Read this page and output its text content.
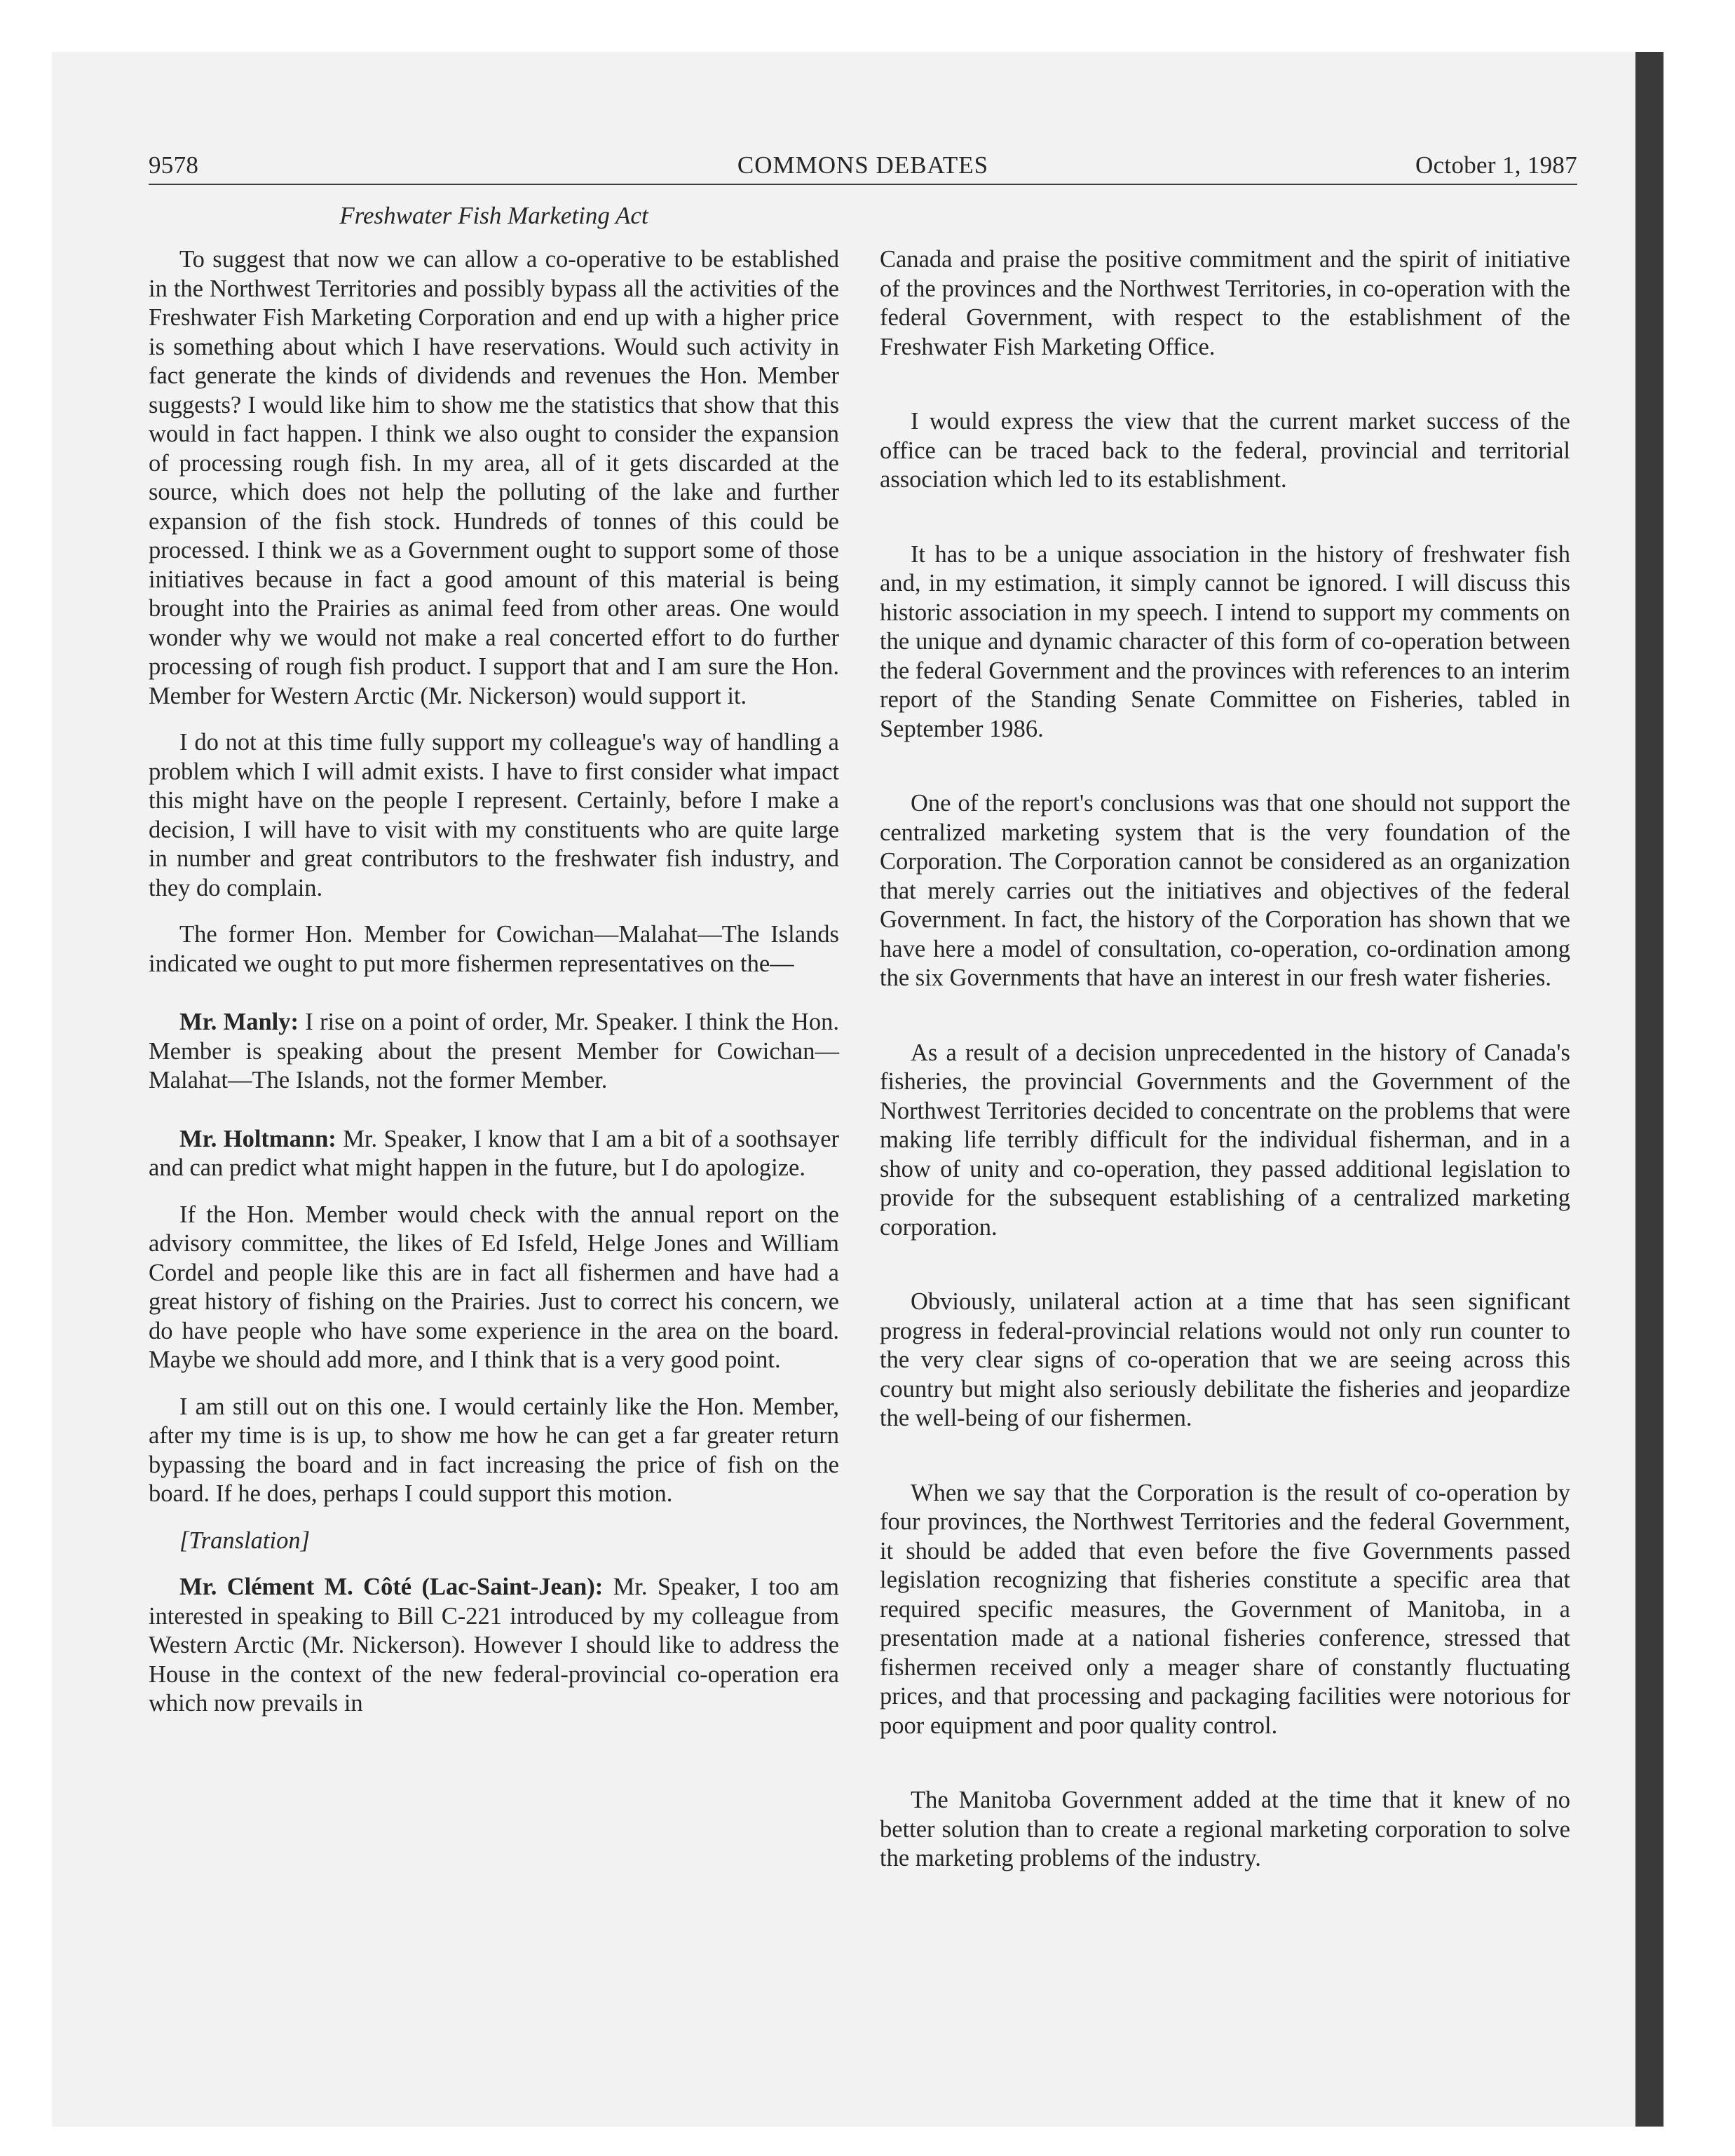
9578	COMMONS DEBATES	October 1, 1987
Freshwater Fish Marketing Act

To suggest that now we can allow a co-operative to be established in the Northwest Territories and possibly bypass all the activities of the Freshwater Fish Marketing Corporation and end up with a higher price is something about which I have reservations. Would such activity in fact generate the kinds of dividends and revenues the Hon. Member suggests? I would like him to show me the statistics that show that this would in fact happen. I think we also ought to consider the expansion of processing rough fish. In my area, all of it gets discarded at the source, which does not help the polluting of the lake and further expansion of the fish stock. Hundreds of tonnes of this could be processed. I think we as a Government ought to support some of those initiatives because in fact a good amount of this material is being brought into the Prairies as animal feed from other areas. One would wonder why we would not make a real concerted effort to do further processing of rough fish product. I support that and I am sure the Hon. Member for Western Arctic (Mr. Nickerson) would support it.

I do not at this time fully support my colleague's way of handling a problem which I will admit exists. I have to first consider what impact this might have on the people I represent. Certainly, before I make a decision, I will have to visit with my constituents who are quite large in number and great contributors to the freshwater fish industry, and they do complain.

The former Hon. Member for Cowichan—Malahat—The Islands indicated we ought to put more fishermen representatives on the—

Mr. Manly: I rise on a point of order, Mr. Speaker. I think the Hon. Member is speaking about the present Member for Cowichan—Malahat—The Islands, not the former Member.

Mr. Holtmann: Mr. Speaker, I know that I am a bit of a soothsayer and can predict what might happen in the future, but I do apologize.

If the Hon. Member would check with the annual report on the advisory committee, the likes of Ed Isfeld, Helge Jones and William Cordel and people like this are in fact all fishermen and have had a great history of fishing on the Prairies. Just to correct his concern, we do have people who have some experience in the area on the board. Maybe we should add more, and I think that is a very good point.

I am still out on this one. I would certainly like the Hon. Member, after my time is is up, to show me how he can get a far greater return bypassing the board and in fact increasing the price of fish on the board. If he does, perhaps I could support this motion.

[Translation]

Mr. Clément M. Côté (Lac-Saint-Jean): Mr. Speaker, I too am interested in speaking to Bill C-221 introduced by my colleague from Western Arctic (Mr. Nickerson). However I should like to address the House in the context of the new federal-provincial co-operation era which now prevails in

Canada and praise the positive commitment and the spirit of initiative of the provinces and the Northwest Territories, in co-operation with the federal Government, with respect to the establishment of the Freshwater Fish Marketing Office.

I would express the view that the current market success of the office can be traced back to the federal, provincial and territorial association which led to its establishment.

It has to be a unique association in the history of freshwater fish and, in my estimation, it simply cannot be ignored. I will discuss this historic association in my speech. I intend to support my comments on the unique and dynamic character of this form of co-operation between the federal Government and the provinces with references to an interim report of the Standing Senate Committee on Fisheries, tabled in September 1986.

One of the report's conclusions was that one should not support the centralized marketing system that is the very foundation of the Corporation. The Corporation cannot be considered as an organization that merely carries out the initiatives and objectives of the federal Government. In fact, the history of the Corporation has shown that we have here a model of consultation, co-operation, co-ordination among the six Governments that have an interest in our fresh water fisheries.

As a result of a decision unprecedented in the history of Canada's fisheries, the provincial Governments and the Government of the Northwest Territories decided to concentrate on the problems that were making life terribly difficult for the individual fisherman, and in a show of unity and co-operation, they passed additional legislation to provide for the subsequent establishing of a centralized marketing corporation.

Obviously, unilateral action at a time that has seen significant progress in federal-provincial relations would not only run counter to the very clear signs of co-operation that we are seeing across this country but might also seriously debilitate the fisheries and jeopardize the well-being of our fishermen.

When we say that the Corporation is the result of co-operation by four provinces, the Northwest Territories and the federal Government, it should be added that even before the five Governments passed legislation recognizing that fisheries constitute a specific area that required specific measures, the Government of Manitoba, in a presentation made at a national fisheries conference, stressed that fishermen received only a meager share of constantly fluctuating prices, and that processing and packaging facilities were notorious for poor equipment and poor quality control.

The Manitoba Government added at the time that it knew of no better solution than to create a regional marketing corporation to solve the marketing problems of the industry.
